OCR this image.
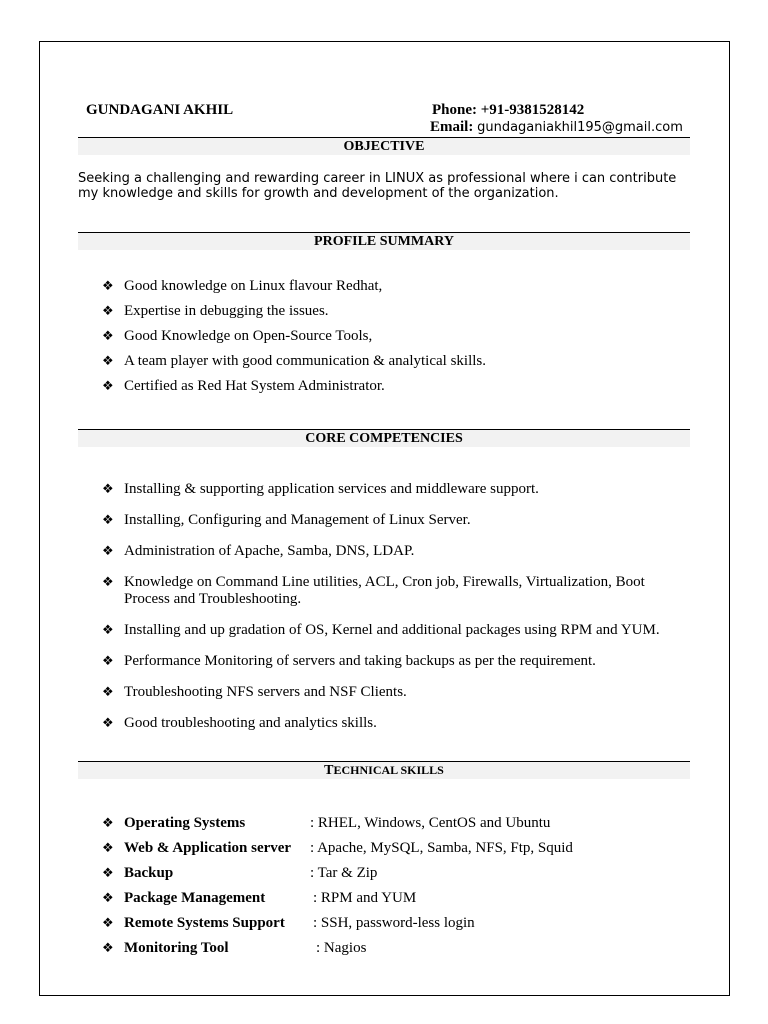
GUNDAGANI AKHIL	Phone: +91-9381528142
Email: gundaganiakhil195@gmail.com
OBJECTIVE
Seeking a challenging and rewarding career in LINUX as professional where i can contribute my knowledge and skills for growth and development of the organization.
PROFILE SUMMARY
❖ Good knowledge on Linux flavour Redhat,
❖ Expertise in debugging the issues.
❖ Good Knowledge on Open-Source Tools,
❖ A team player with good communication & analytical skills.
❖ Certified as Red Hat System Administrator.
CORE COMPETENCIES
❖ Installing & supporting application services and middleware support.
❖ Installing, Configuring and Management of Linux Server.
❖ Administration of Apache, Samba, DNS, LDAP.
❖ Knowledge on Command Line utilities, ACL, Cron job, Firewalls, Virtualization, Boot Process and Troubleshooting.
❖ Installing and up gradation of OS, Kernel and additional packages using RPM and YUM.
❖ Performance Monitoring of servers and taking backups as per the requirement.
❖ Troubleshooting NFS servers and NSF Clients.
❖ Good troubleshooting and analytics skills.
TECHNICAL SKILLS
❖ Operating Systems	: RHEL, Windows, CentOS and Ubuntu
❖ Web & Application server : Apache, MySQL, Samba, NFS, Ftp, Squid
❖ Backup	: Tar & Zip
❖ Package Management	: RPM and YUM
❖ Remote Systems Support : SSH, password-less login
❖ Monitoring Tool	: Nagios
